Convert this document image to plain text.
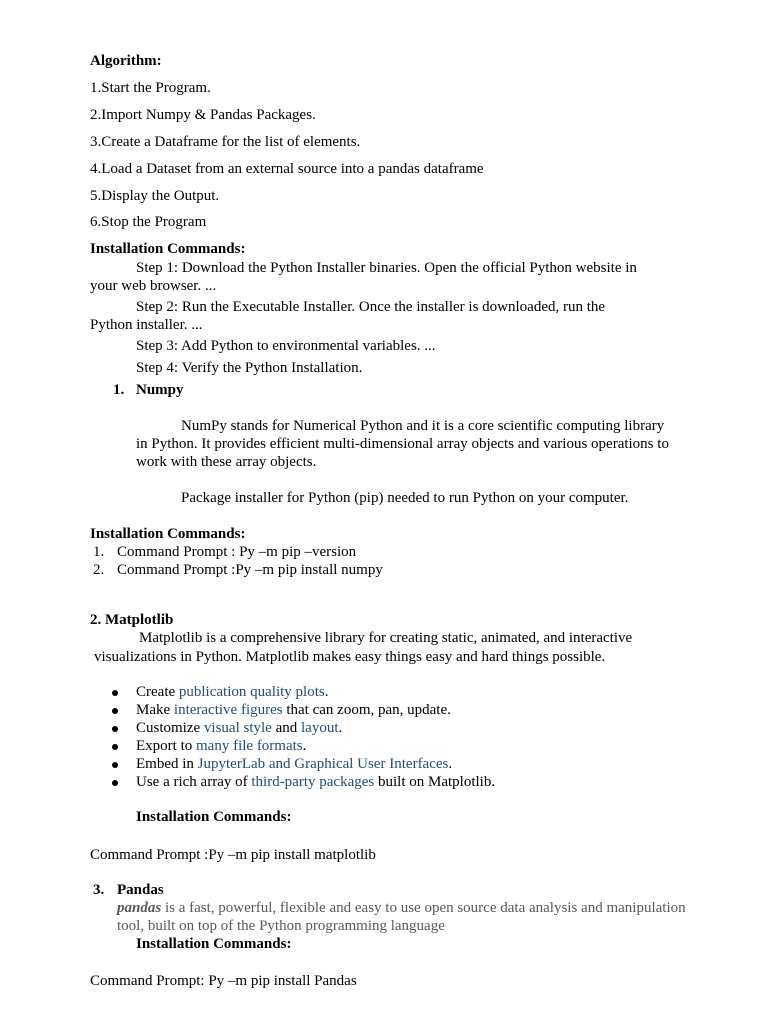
Algorithm:
1.Start the Program.
2.Import Numpy & Pandas Packages.
3.Create a Dataframe for the list of elements.
4.Load a Dataset from an external source into a pandas dataframe
5.Display the Output.
6.Stop the Program
Installation Commands:
Step 1: Download the Python Installer binaries. Open the official Python website in
your web browser. ...
Step 2: Run the Executable Installer. Once the installer is downloaded, run the
Python installer. ...
Step 3: Add Python to environmental variables. ...
Step 4: Verify the Python Installation.
1. Numpy
NumPy stands for Numerical Python and it is a core scientific computing library
in Python. It provides efficient multi-dimensional array objects and various operations to
work with these array objects.
Package installer for Python (pip) needed to run Python on your computer.
Installation Commands:
1. Command Prompt : Py –m pip –version
2. Command Prompt :Py –m pip install numpy
2. Matplotlib
Matplotlib is a comprehensive library for creating static, animated, and interactive
visualizations in Python. Matplotlib makes easy things easy and hard things possible.
Create publication quality plots.
Make interactive figures that can zoom, pan, update.
Customize visual style and layout.
Export to many file formats.
Embed in JupyterLab and Graphical User Interfaces.
Use a rich array of third-party packages built on Matplotlib.
Installation Commands:
Command Prompt :Py –m pip install matplotlib
3. Pandas
pandas is a fast, powerful, flexible and easy to use open source data analysis and manipulation
tool, built on top of the Python programming language
Installation Commands:
Command Prompt: Py –m pip install Pandas
